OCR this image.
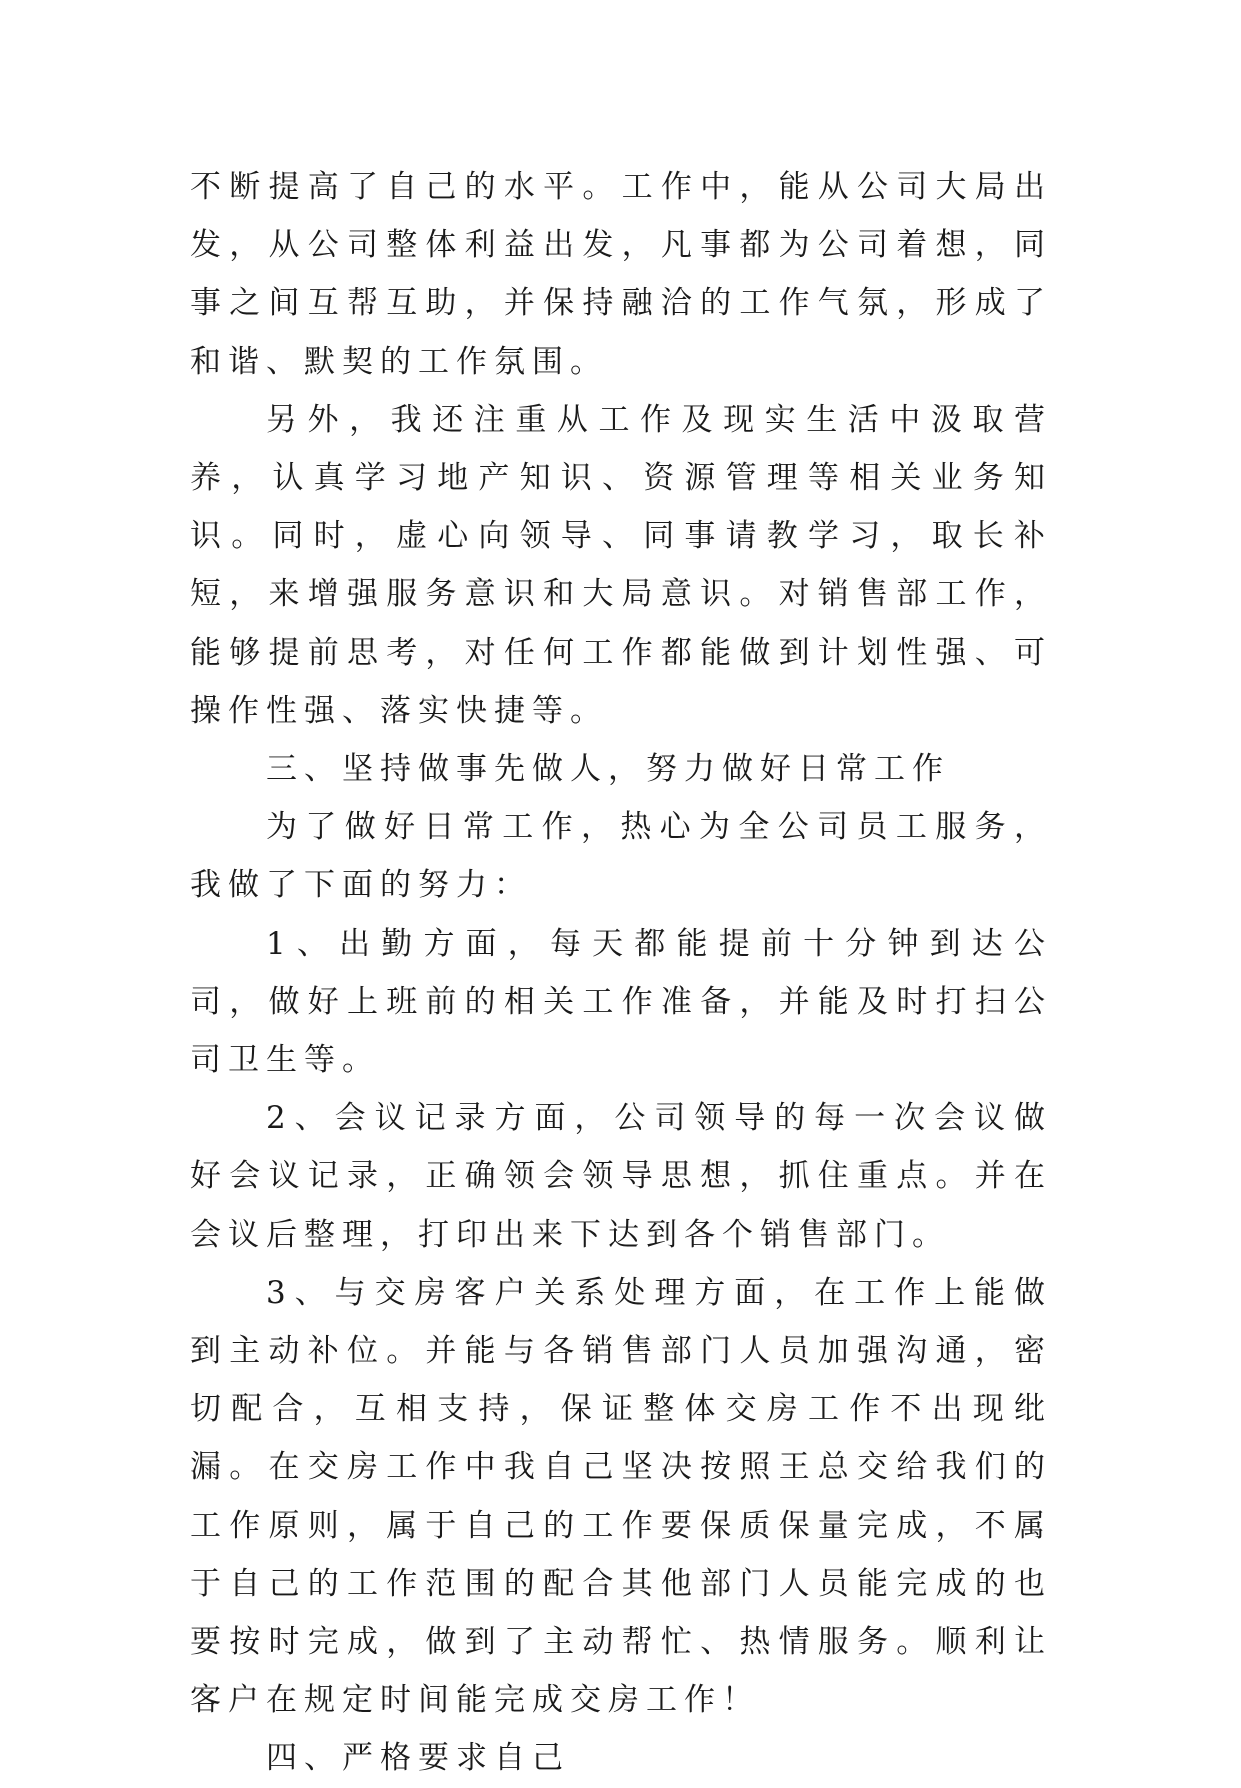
不断提高了自己的水平。工作中，能从公司大局出发，从公司整体利益出发，凡事都为公司着想，同事之间互帮互助，并保持融洽的工作气氛，形成了和谐、默契的工作氛围。

另外，我还注重从工作及现实生活中汲取营养，认真学习地产知识、资源管理等相关业务知识。同时，虚心向领导、同事请教学习，取长补短，来增强服务意识和大局意识。对销售部工作，能够提前思考，对任何工作都能做到计划性强、可操作性强、落实快捷等。

三、坚持做事先做人，努力做好日常工作

为了做好日常工作，热心为全公司员工服务，我做了下面的努力：

1、出勤方面，每天都能提前十分钟到达公司，做好上班前的相关工作准备，并能及时打扫公司卫生等。

2、会议记录方面，公司领导的每一次会议做好会议记录，正确领会领导思想，抓住重点。并在会议后整理，打印出来下达到各个销售部门。

3、与交房客户关系处理方面，在工作上能做到主动补位。并能与各销售部门人员加强沟通，密切配合，互相支持，保证整体交房工作不出现纰漏。在交房工作中我自己坚决按照王总交给我们的工作原则，属于自己的工作要保质保量完成，不属于自己的工作范围的配合其他部门人员能完成的也要按时完成，做到了主动帮忙、热情服务。顺利让客户在规定时间能完成交房工作！

四、严格要求自己
